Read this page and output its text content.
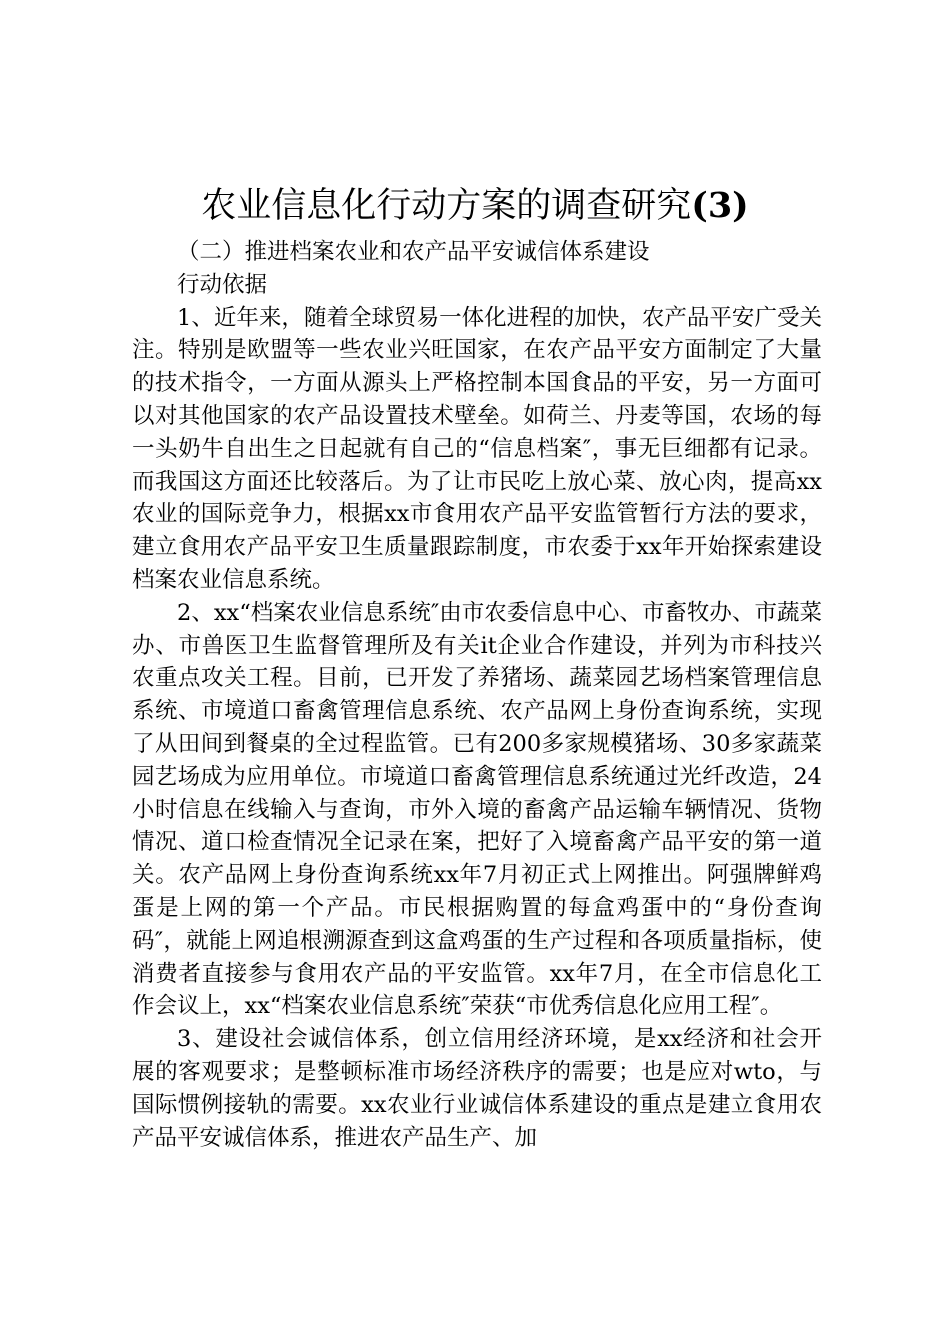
农业信息化行动方案的调查研究(3)

（二）推进档案农业和农产品平安诚信体系建设

行动依据

1、近年来，随着全球贸易一体化进程的加快，农产品平安广受关注。特别是欧盟等一些农业兴旺国家，在农产品平安方面制定了大量的技术指令，一方面从源头上严格控制本国食品的平安，另一方面可以对其他国家的农产品设置技术壁垒。如荷兰、丹麦等国，农场的每一头奶牛自出生之日起就有自己的“信息档案″，事无巨细都有记录。而我国这方面还比较落后。为了让市民吃上放心菜、放心肉，提高xx农业的国际竞争力，根据xx市食用农产品平安监管暂行方法的要求，建立食用农产品平安卫生质量跟踪制度，市农委于xx年开始探索建设档案农业信息系统。

2、xx“档案农业信息系统″由市农委信息中心、市畜牧办、市蔬菜办、市兽医卫生监督管理所及有关it企业合作建设，并列为市科技兴农重点攻关工程。目前，已开发了养猪场、蔬菜园艺场档案管理信息系统、市境道口畜禽管理信息系统、农产品网上身份查询系统，实现了从田间到餐桌的全过程监管。已有200多家规模猪场、30多家蔬菜园艺场成为应用单位。市境道口畜禽管理信息系统通过光纤改造，24小时信息在线输入与查询，市外入境的畜禽产品运输车辆情况、货物情况、道口检查情况全记录在案，把好了入境畜禽产品平安的第一道关。农产品网上身份查询系统xx年7月初正式上网推出。阿强牌鲜鸡蛋是上网的第一个产品。市民根据购置的每盒鸡蛋中的“身份查询码″，就能上网追根溯源查到这盒鸡蛋的生产过程和各项质量指标，使消费者直接参与食用农产品的平安监管。xx年7月，在全市信息化工作会议上，xx“档案农业信息系统″荣获“市优秀信息化应用工程″。

3、建设社会诚信体系，创立信用经济环境，是xx经济和社会开展的客观要求；是整顿标准市场经济秩序的需要；也是应对wto，与国际惯例接轨的需要。xx农业行业诚信体系建设的重点是建立食用农产品平安诚信体系，推进农产品生产、加
